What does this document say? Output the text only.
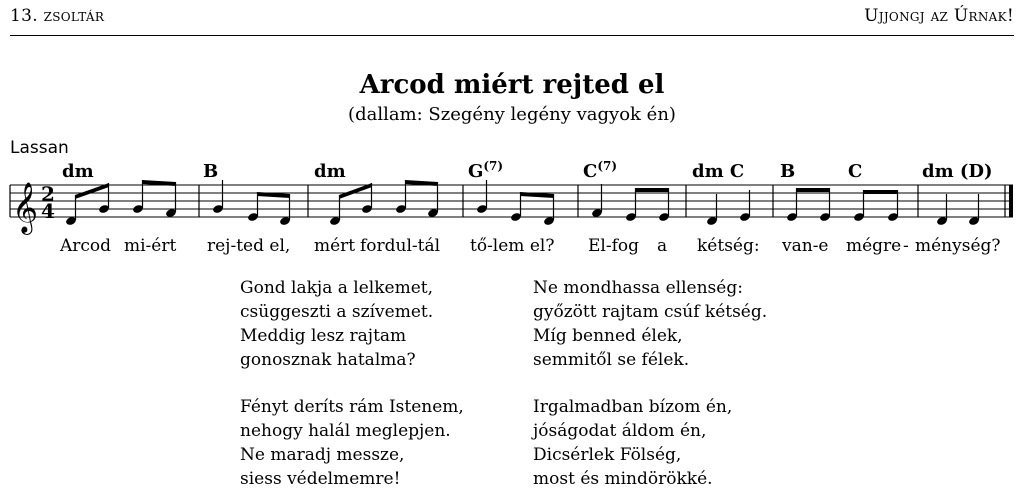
13. zsoltár	Ujjongj az Úrnak!
Arcod miért rejted el
(dallam: Szegény legény vagyok én)
Lassan
𝄞 2
4
dm	B	dm	$G^{(7)}$	$C^{(7)}$	dm C B	C	dm (D)
Arcod mi-ért rej-ted el, mért fordul-tál tő-lem el? El-fog a kétség: van-e még re - ménység?
Gond lakja a lelkemet,
csüggeszti a szívemet.
Meddig lesz rajtam
gonosznak hatalma?
Ne mondhassa ellenség:
győzött rajtam csúf kétség.
Míg benned élek,
semmitől se félek.
Fényt deríts rám Istenem,
nehogy halál meglepjen.
Ne maradj messze,
siess védelmemre!
Irgalmadban bízom én,
jóságodat áldom én,
Dicsérlek Fölség,
most és mindörökké.
